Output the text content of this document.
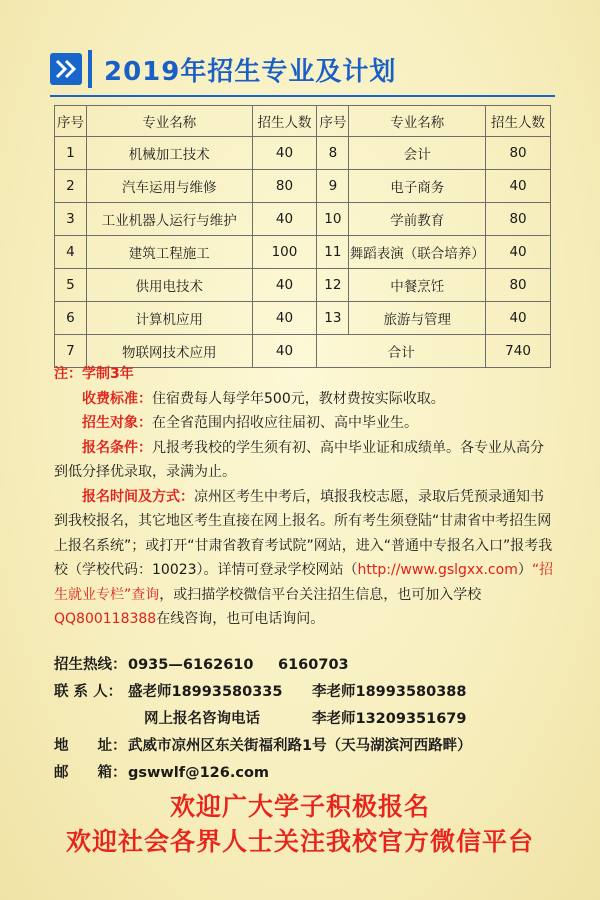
2019年招生专业及计划
序号	专业名称	招生人数	序号	专业名称	招生人数
1	机械加工技术	40	8	会计	80
2	汽车运用与维修	80	9	电子商务	40
3	工业机器人运行与维护	40	10	学前教育	80
4	建筑工程施工	100	11	舞蹈表演（联合培养）	40
5	供用电技术	40	12	中餐烹饪	80
6	计算机应用	40	13	旅游与管理	40
7	物联网技术应用	40	合计		740

注：学制3年

收费标准：住宿费每人每学年500元，教材费按实际收取。

招生对象：在全省范围内招收应往届初、高中毕业生。

报名条件：凡报考我校的学生须有初、高中毕业证和成绩单。各专业从高分到低分择优录取，录满为止。

报名时间及方式：凉州区考生中考后，填报我校志愿，录取后凭预录通知书到我校报名，其它地区考生直接在网上报名。所有考生须登陆“甘肃省中考招生网上报名系统”；或打开“甘肃省教育考试院”网站，进入“普通中专报名入口”报考我校（学校代码：10023）。详情可登录学校网站（http://www.gslgxx.com）“招生就业专栏”查询，或扫描学校微信平台关注招生信息，也可加入学校QQ800118388在线咨询，也可电话询问。

招生热线： 0935—6162610	6160703
联 系 人： 盛老师18993580335	李老师18993580388
网上报名咨询电话	李老师13209351679
地　　址： 武威市凉州区东关街福利路1号（天马湖滨河西路畔）
邮　　箱： gswwlf@126.com
欢迎广大学子积极报名
欢迎社会各界人士关注我校官方微信平台
